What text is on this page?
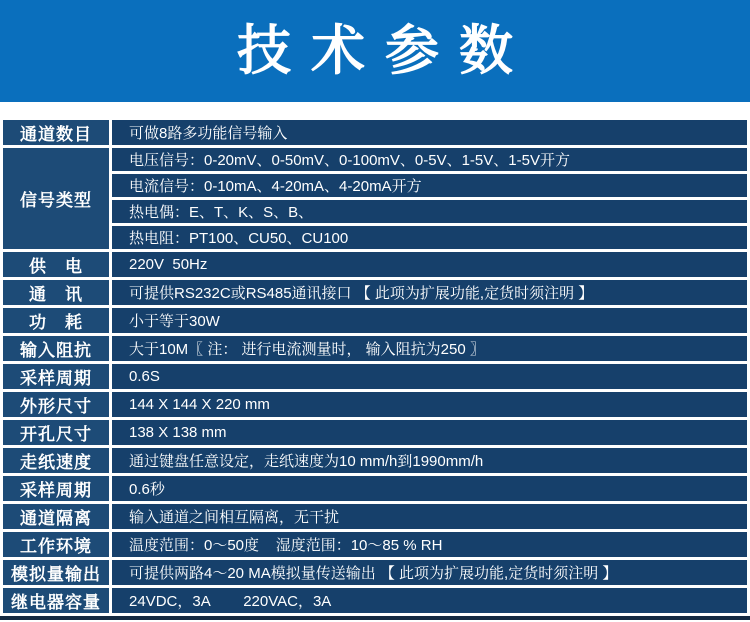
技术参数
通道数目	可做8路多功能信号输入
信号类型	电压信号：0-20mV、0-50mV、0-100mV、0-5V、1-5V、1-5V开方
	电流信号：0-10mA、4-20mA、4-20mA开方
	热电偶：E、T、K、S、B、
	热电阻：PT100、CU50、CU100
供　电	220V  50Hz
通　讯	可提供RS232C或RS485通讯接口 【 此项为扩展功能,定货时须注明 】
功　耗	小于等于30W
输入阻抗	大于10M〖 注： 进行电流测量时， 输入阻抗为250 〗
采样周期	0.6S
外形尺寸	144 X 144 X 220 mm
开孔尺寸	138 X 138 mm
走纸速度	通过键盘任意设定，走纸速度为10 mm/h到1990mm/h
采样周期	0.6秒
通道隔离	输入通道之间相互隔离，无干扰
工作环境	温度范围：0～50度    湿度范围：10～85 % RH
模拟量输出	可提供两路4～20 MA模拟量传送输出 【 此项为扩展功能,定货时须注明 】
继电器容量	24VDC，3A        220VAC，3A
